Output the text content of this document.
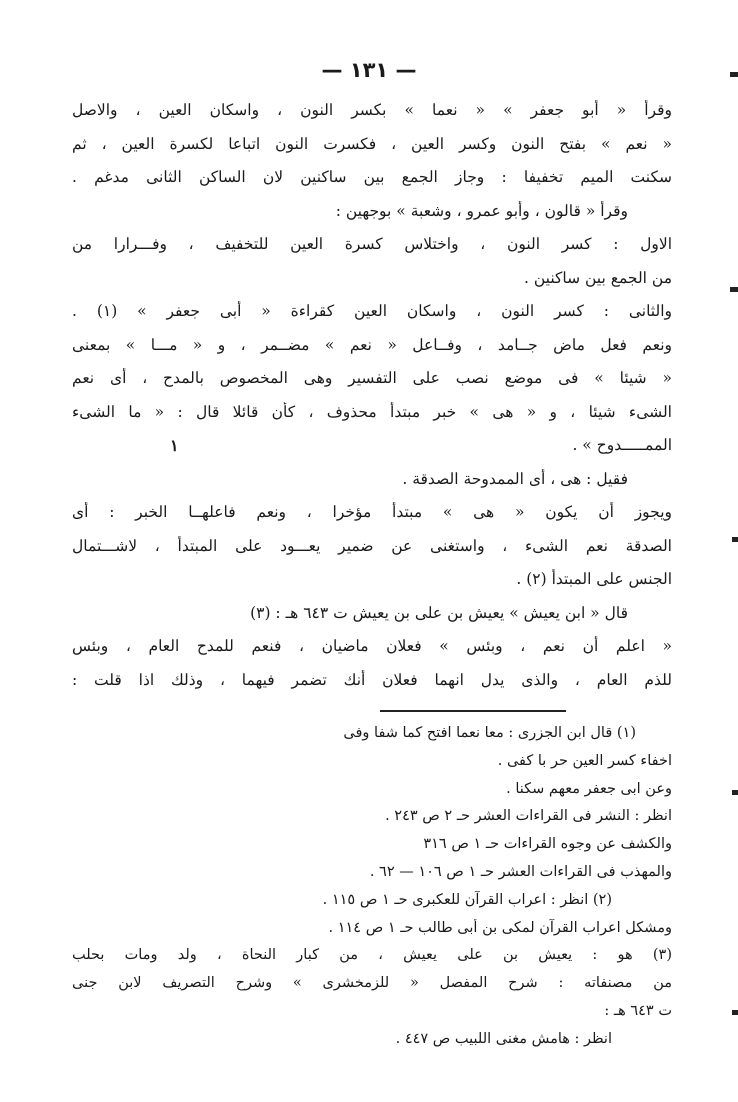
— ١٣١ —
وقرأ « أبو جعفر » « نعما » بكسر النون ، واسكان العين ، والاصل
« نعم » بفتح النون وكسر العين ، فكسرت النون اتباعا لكسرة العين ، ثم
سكنت الميم تخفيفا : وجاز الجمع بين ساكنين لان الساكن الثانى مدغم .
وقرأ « قالون ، وأبو عمرو ، وشعبة » بوجهين :
الاول : كسر النون ، واختلاس كسرة العين للتخفيف ، وفـــرارا من
من الجمع بين ساكنين .
والثانى : كسر النون ، واسكان العين كقراءة « أبى جعفر » (١) .
ونعم فعل ماض جــامد ، وفــاعل « نعم » مضــمر ، و « مـــا » بمعنى
« شيئا » فى موضع نصب على التفسير وهى المخصوص بالمدح ، أى نعم
الشىء شيئا ، و « هى » خبر مبتدأ محذوف ، كأن قائلا قال : « ما الشىء
الممـــــدوح » .
فقيل : هى ، أى الممدوحة الصدقة .
ويجوز أن يكون « هى » مبتدأ مؤخرا ، ونعم فاعلهــا الخبر : أى
الصدقة نعم الشىء ، واستغنى عن ضمير يعـــود على المبتدأ ، لاشـــتمال
الجنس على المبتدأ (٢) .
قال « ابن يعيش » يعيش بن على بن يعيش ت ٦٤٣ هـ : (٣)
« اعلم أن نعم ، وبئس » فعلان ماضيان ، فنعم للمدح العام ، وبئس
للذم العام ، والذى يدل انهما فعلان أنك تضمر فيهما ، وذلك اذا قلت :
١
(١) قال ابن الجزرى : معا نعما افتح كما شفا وفى
اخفاء كسر العين حر با كفى .
وعن ابى جعفر معهم سكنا .
انظر : النشر فى القراءات العشر حـ ٢ ص ٢٤٣ .
والكشف عن وجوه القراءات حـ ١ ص ٣١٦
والمهذب فى القراءات العشر حـ ١ ص ١٠٦ — ٦٢ .
(٢) انظر : اعراب القرآن للعكبرى حـ ١ ص ١١٥ .
ومشكل اعراب القرآن لمكى بن أبى طالب حـ ١ ص ١١٤ .
(٣) هو : يعيش بن على يعيش ، من كبار النحاة ، ولد ومات بحلب
من مصنفاته : شرح المفصل « للزمخشرى » وشرح التصريف لابن جنى
ت ٦٤٣ هـ :
انظر : هامش مغنى اللبيب ص ٤٤٧ .
